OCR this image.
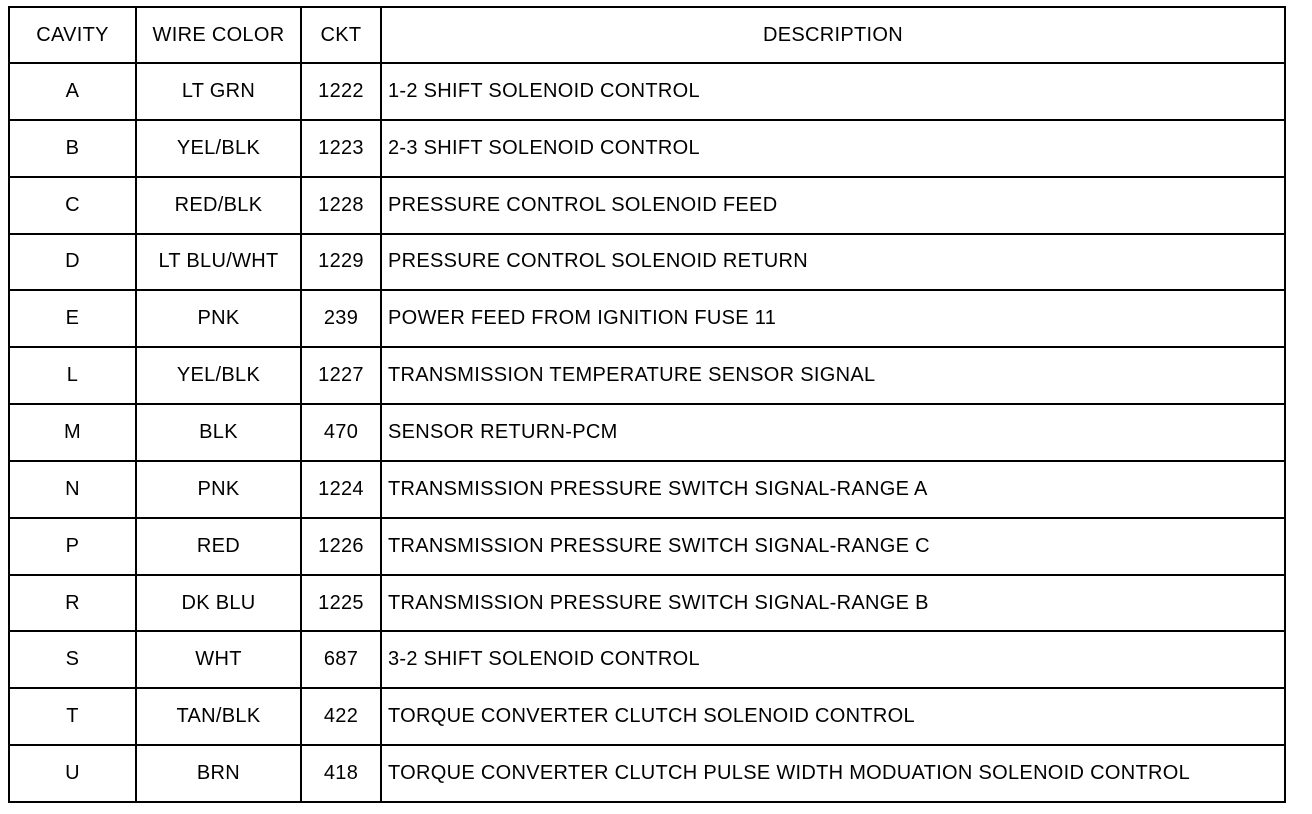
CAVITY	WIRE COLOR	CKT	DESCRIPTION
A	LT GRN	1222	1-2 SHIFT SOLENOID CONTROL
B	YEL/BLK	1223	2-3 SHIFT SOLENOID CONTROL
C	RED/BLK	1228	PRESSURE CONTROL SOLENOID FEED
D	LT BLU/WHT	1229	PRESSURE CONTROL SOLENOID RETURN
E	PNK	239	POWER FEED FROM IGNITION FUSE 11
L	YEL/BLK	1227	TRANSMISSION TEMPERATURE SENSOR SIGNAL
M	BLK	470	SENSOR RETURN-PCM
N	PNK	1224	TRANSMISSION PRESSURE SWITCH SIGNAL-RANGE A
P	RED	1226	TRANSMISSION PRESSURE SWITCH SIGNAL-RANGE C
R	DK BLU	1225	TRANSMISSION PRESSURE SWITCH SIGNAL-RANGE B
S	WHT	687	3-2 SHIFT SOLENOID CONTROL
T	TAN/BLK	422	TORQUE CONVERTER CLUTCH SOLENOID CONTROL
U	BRN	418	TORQUE CONVERTER CLUTCH PULSE WIDTH MODUATION SOLENOID CONTROL
